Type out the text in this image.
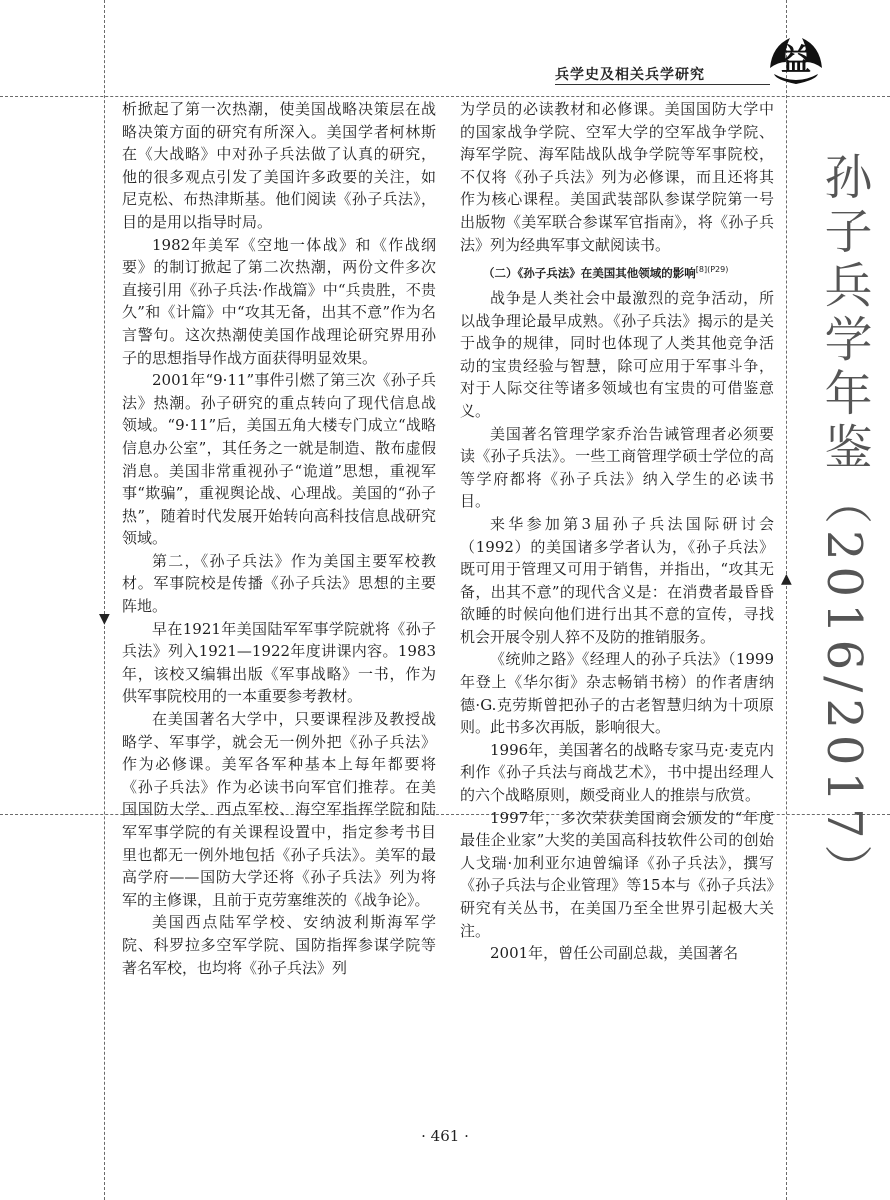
▼
▲
兵学史及相关兵学研究	益

析掀起了第一次热潮，使美国战略决策层在战略决策方面的研究有所深入。美国学者柯林斯在《大战略》中对孙子兵法做了认真的研究，他的很多观点引发了美国许多政要的关注，如尼克松、布热津斯基。他们阅读《孙子兵法》，目的是用以指导时局。

1982年美军《空地一体战》和《作战纲要》的制订掀起了第二次热潮，两份文件多次直接引用《孙子兵法·作战篇》中“兵贵胜，不贵久”和《计篇》中“攻其无备，出其不意”作为名言警句。这次热潮使美国作战理论研究界用孙子的思想指导作战方面获得明显效果。

2001年“9·11”事件引燃了第三次《孙子兵法》热潮。孙子研究的重点转向了现代信息战领域。“9·11”后，美国五角大楼专门成立“战略信息办公室”，其任务之一就是制造、散布虚假消息。美国非常重视孙子“诡道”思想，重视军事“欺骗”，重视舆论战、心理战。美国的“孙子热”，随着时代发展开始转向高科技信息战研究领域。

第二，《孙子兵法》作为美国主要军校教材。军事院校是传播《孙子兵法》思想的主要阵地。

早在1921年美国陆军军事学院就将《孙子兵法》列入1921—1922年度讲课内容。1983年，该校又编辑出版《军事战略》一书，作为供军事院校用的一本重要参考教材。

在美国著名大学中，只要课程涉及教授战略学、军事学，就会无一例外把《孙子兵法》作为必修课。美军各军种基本上每年都要将《孙子兵法》作为必读书向军官们推荐。在美国国防大学、西点军校、海空军指挥学院和陆军军事学院的有关课程设置中，指定参考书目里也都无一例外地包括《孙子兵法》。美军的最高学府——国防大学还将《孙子兵法》列为将军的主修课，且前于克劳塞维茨的《战争论》。

美国西点陆军学校、安纳波利斯海军学院、科罗拉多空军学院、国防指挥参谋学院等著名军校，也均将《孙子兵法》列

为学员的必读教材和必修课。美国国防大学中的国家战争学院、空军大学的空军战争学院、海军学院、海军陆战队战争学院等军事院校，不仅将《孙子兵法》列为必修课，而且还将其作为核心课程。美国武装部队参谋学院第一号出版物《美军联合参谋军官指南》，将《孙子兵法》列为经典军事文献阅读书。

（二）《孙子兵法》在美国其他领域的影响$^{[8](P29)}$

战争是人类社会中最激烈的竞争活动，所以战争理论最早成熟。《孙子兵法》揭示的是关于战争的规律，同时也体现了人类其他竞争活动的宝贵经验与智慧，除可应用于军事斗争，对于人际交往等诸多领域也有宝贵的可借鉴意义。

美国著名管理学家乔治告诫管理者必须要读《孙子兵法》。一些工商管理学硕士学位的高等学府都将《孙子兵法》纳入学生的必读书目。

来华参加第3届孙子兵法国际研讨会（1992）的美国诸多学者认为，《孙子兵法》既可用于管理又可用于销售，并指出，“攻其无备，出其不意”的现代含义是：在消费者最昏昏欲睡的时候向他们进行出其不意的宣传，寻找机会开展令别人猝不及防的推销服务。

《统帅之路》《经理人的孙子兵法》（1999年登上《华尔街》杂志畅销书榜）的作者唐纳德·G.克劳斯曾把孙子的古老智慧归纳为十项原则。此书多次再版，影响很大。

1996年，美国著名的战略专家马克·麦克内利作《孙子兵法与商战艺术》，书中提出经理人的六个战略原则，颇受商业人的推崇与欣赏。

1997年，多次荣获美国商会颁发的“年度最佳企业家”大奖的美国高科技软件公司的创始人戈瑞·加利亚尔迪曾编译《孙子兵法》，撰写《孙子兵法与企业管理》等15本与《孙子兵法》研究有关丛书，在美国乃至全世界引起极大关注。

2001年，曾任公司副总裁，美国著名

孙子兵学年鉴（2016/2017）
· 461 ·
